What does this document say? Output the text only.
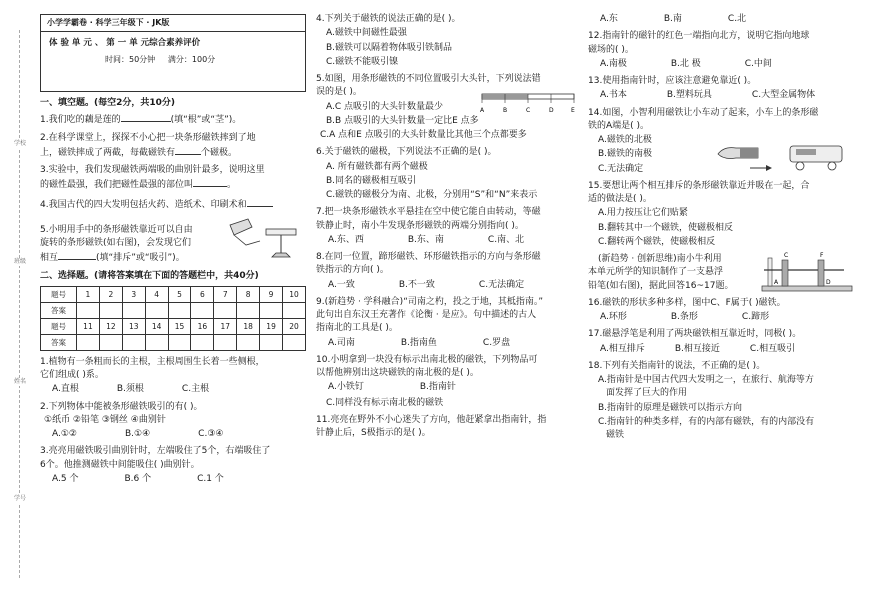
学校
班级
姓名
学号
小学学霸卷 · 科学三年级下 · JK版
体 验 单 元 、 第 一 单 元综合素养评价
时间：50分钟 满分：100分
一、填空题。(每空2分，共10分)

1.我们吃的藕是莲的	(填“根”或“茎”)。

2.在科学课堂上，探探不小心把一块条形磁铁摔到了地

上，磁铁摔成了两截，每截磁铁有	个磁极。

3.实验中，我们发现磁铁两端吸的曲别针最多，说明这里

的磁性最强，我们把磁性最强的部位叫	。

4.我国古代的四大发明包括火药、造纸术、印刷术和

5.小明用手中的条形磁铁靠近可以自由

旋转的条形磁铁(如右图)，会发现它们

相互	(填“排斥”或“吸引”)。

二、选择题。(请将答案填在下面的答题栏中，共40分)
题号	1	2	3	4	5	6	7	8	9	10
答案										
题号	11	12	13	14	15	16	17	18	19	20
答案										

1.植物有一条粗而长的主根，主根周围生长着一些侧根，

它们组成( )系。

A.直根	B.须根	C.主根

2.下列物体中能被条形磁铁吸引的有( )。

①纸币 ②铅笔 ③钢丝 ④曲别针

A.①②	B.①④	C.③④

3.亮亮用磁铁吸引曲别针时，左端吸住了5个，右端吸住了

6个。他推测磁铁中间能吸住( )曲别针。

A.5 个	B.6 个	C.1 个

4.下列关于磁铁的说法正确的是( )。

A.磁铁中间磁性最强

B.磁铁可以隔着物体吸引铁制品

C.磁铁不能吸引镍

5.如图，用条形磁铁的不同位置吸引大头针，下列说法错

误的是( )。

A	B	C	D	E

A.C 点吸引的大头针数量最少

B.B 点吸引的大头针数量一定比E 点多

C.A 点和E 点吸引的大头针数量比其他三个点都要多

6.关于磁铁的磁极，下列说法不正确的是( )。

A. 所有磁铁都有两个磁极

B.同名的磁极相互吸引

C.磁铁的磁极分为南、北极，分别用“S”和“N”来表示

7.把一块条形磁铁水平悬挂在空中使它能自由转动，等磁

铁静止时，南小牛发现条形磁铁的两端分别指向( )。

A.东、西	B.东、南	C.南、北

8.在同一位置，蹄形磁铁、环形磁铁指示的方向与条形磁

铁指示的方向( )。

A.一致	B.不一致	C.无法确定

9.(新趋势 · 学科融合)“司南之杓，投之于地，其柢指南。”

此句出自东汉王充著作《论衡 · 是应》。句中描述的古人

指南北的工具是( )。

A.司南	B.指南鱼	C.罗盘

10.小明拿到一块没有标示出南北极的磁铁，下列物品可

以帮他辨别出这块磁铁的南北极的是( )。

A.小铁钉	B.指南针

C.同样没有标示南北极的磁铁

11.亮亮在野外不小心迷失了方向，他赶紧拿出指南针，指

针静止后，S极指示的是( )。

A.东	B.南	C.北

12.指南针的磁针的红色一端指向北方，说明它指向地球

磁场的( )。

A.南极	B.北 极	C.中间

13.使用指南针时，应该注意避免靠近( )。

A.书本	B.塑料玩具	C.大型金属物体

14.如图，小智利用磁铁让小车动了起来，小车上的条形磁

铁的A端是( )。

A.磁铁的北极

B.磁铁的南极

C.无法确定

15.要想让两个相互排斥的条形磁铁靠近并吸在一起，合

适的做法是( )。

A.用力按压让它们贴紧

B.翻转其中一个磁铁，使磁极相反

C.翻转两个磁铁，使磁极相反

(新趋势 · 创新思维)南小牛利用

本单元所学的知识制作了一支悬浮

铅笔(如右图)，据此回答16~17题。

C	F
A	D

16.磁铁的形状多种多样，图中C、F属于( )磁铁。

A.环形	B.条形	C.蹄形

17.磁悬浮笔是利用了两块磁铁相互靠近时，同极( )。

A.相互排斥	B.相互接近	C.相互吸引

18.下列有关指南针的说法，不正确的是( )。

A.指南针是中国古代四大发明之一，在旅行、航海等方

面发挥了巨大的作用

B.指南针的原理是磁铁可以指示方向

C.指南针的种类多样，有的内部有磁铁，有的内部没有

磁铁
